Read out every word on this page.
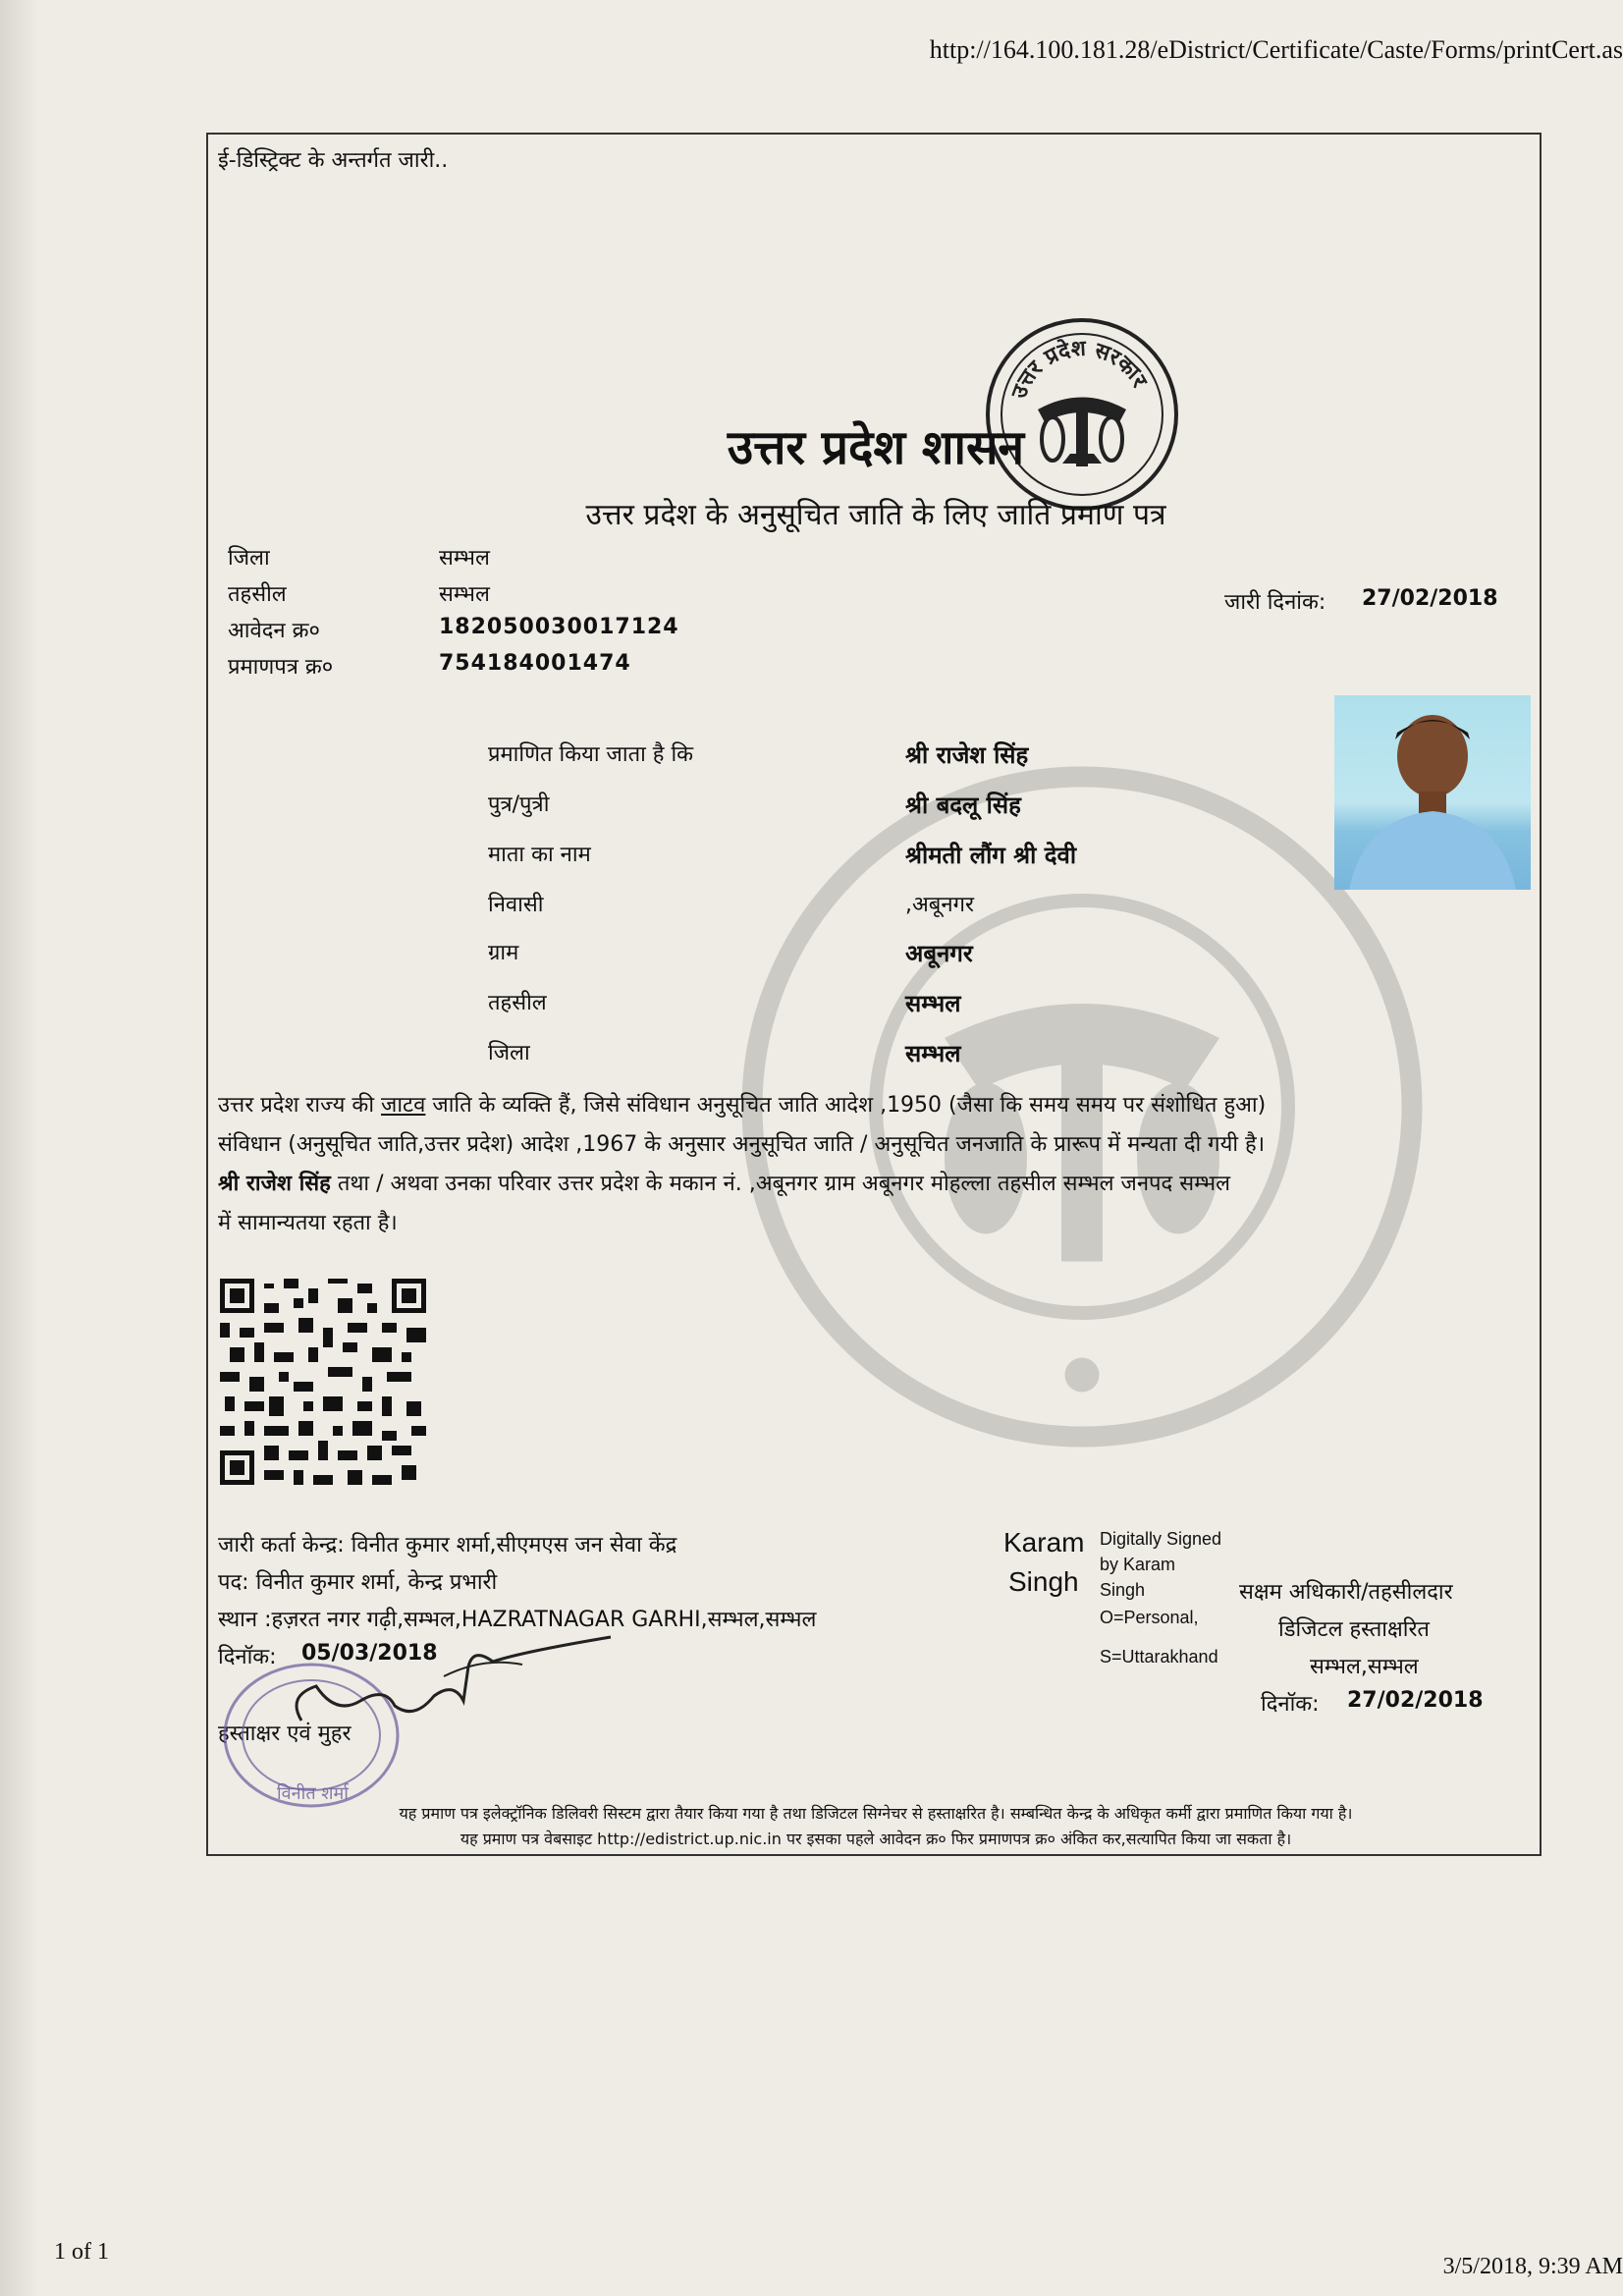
http://164.100.181.28/eDistrict/Certificate/Caste/Forms/printCert.as
ई-डिस्ट्रिक्ट के अन्तर्गत जारी..
उत्तर प्रदेश सरकार
उत्तर प्रदेश शासन
उत्तर प्रदेश के अनुसूचित जाति के लिए जाति प्रमाण पत्र
जिला	सम्भल
तहसील	सम्भल
आवेदन क्र०	182050030017124
प्रमाणपत्र क्र०	754184001474
जारी दिनांक: 27/02/2018
प्रमाणित किया जाता है कि	श्री राजेश सिंह
पुत्र/पुत्री	श्री बदलू सिंह
माता का नाम	श्रीमती लौंग श्री देवी
निवासी	,अबूनगर
ग्राम	अबूनगर
तहसील	सम्भल
जिला	सम्भल
उत्तर प्रदेश राज्य की जाटव जाति के व्यक्ति हैं, जिसे संविधान अनुसूचित जाति आदेश ,1950 (जैसा कि समय समय पर संशोधित हुआ)
संविधान (अनुसूचित जाति,उत्तर प्रदेश) आदेश ,1967 के अनुसार अनुसूचित जाति / अनुसूचित जनजाति के प्रारूप में मन्यता दी गयी है।
श्री राजेश सिंह तथा / अथवा उनका परिवार उत्तर प्रदेश के मकान नं. ,अबूनगर ग्राम अबूनगर मोहल्ला तहसील सम्भल जनपद सम्भल
में सामान्यतया रहता है।
जारी कर्ता केन्द्र: विनीत कुमार शर्मा,सीएमएस जन सेवा केंद्र
पद: विनीत कुमार शर्मा, केन्द्र प्रभारी
स्थान :हज़रत नगर गढ़ी,सम्भल,HAZRATNAGAR GARHI,सम्भल,सम्भल
दिनॉक: 05/03/2018
हस्ताक्षर एवं मुहर
विनीत शर्मा
Karam
Singh
Digitally Signed
by Karam
Singh
O=Personal,
S=Uttarakhand
सक्षम अधिकारी/तहसीलदार
डिजिटल हस्ताक्षरित
सम्भल,सम्भल
दिनॉक: 27/02/2018
यह प्रमाण पत्र इलेक्ट्रॉनिक डिलिवरी सिस्टम द्वारा तैयार किया गया है तथा डिजिटल सिग्नेचर से हस्ताक्षरित है। सम्बन्धित केन्द्र के अधिकृत कर्मी द्वारा प्रमाणित किया गया है।
यह प्रमाण पत्र वेबसाइट http://edistrict.up.nic.in पर इसका पहले आवेदन क्र० फिर प्रमाणपत्र क्र० अंकित कर,सत्यापित किया जा सकता है।
1 of 1
3/5/2018, 9:39 AM
